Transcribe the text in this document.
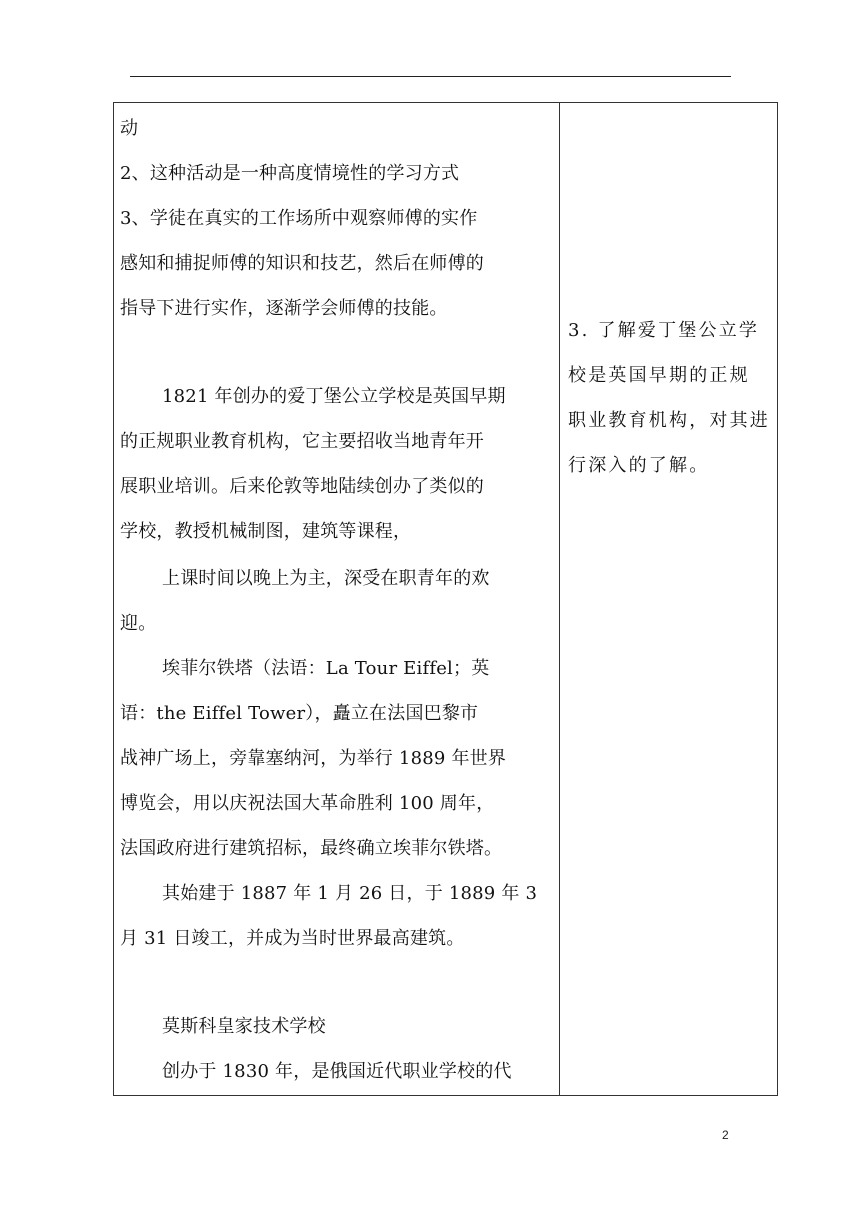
动
2、这种活动是一种高度情境性的学习方式
3、学徒在真实的工作场所中观察师傅的实作
感知和捕捉师傅的知识和技艺，然后在师傅的
指导下进行实作，逐渐学会师傅的技能。
1821 年创办的爱丁堡公立学校是英国早期
的正规职业教育机构，它主要招收当地青年开
展职业培训。后来伦敦等地陆续创办了类似的
学校，教授机械制图，建筑等课程，
上课时间以晚上为主，深受在职青年的欢
迎。
埃菲尔铁塔（法语：La Tour Eiffel；英
语：the Eiffel Tower），矗立在法国巴黎市
战神广场上，旁靠塞纳河，为举行 1889 年世界
博览会，用以庆祝法国大革命胜利 100 周年，
法国政府进行建筑招标，最终确立埃菲尔铁塔。
其始建于 1887 年 1 月 26 日，于 1889 年 3
月 31 日竣工，并成为当时世界最高建筑。
莫斯科皇家技术学校
创办于 1830 年，是俄国近代职业学校的代
3. 了解爱丁堡公立学
校是英国早期的正规
职业教育机构，对其进
行深入的了解。
2
